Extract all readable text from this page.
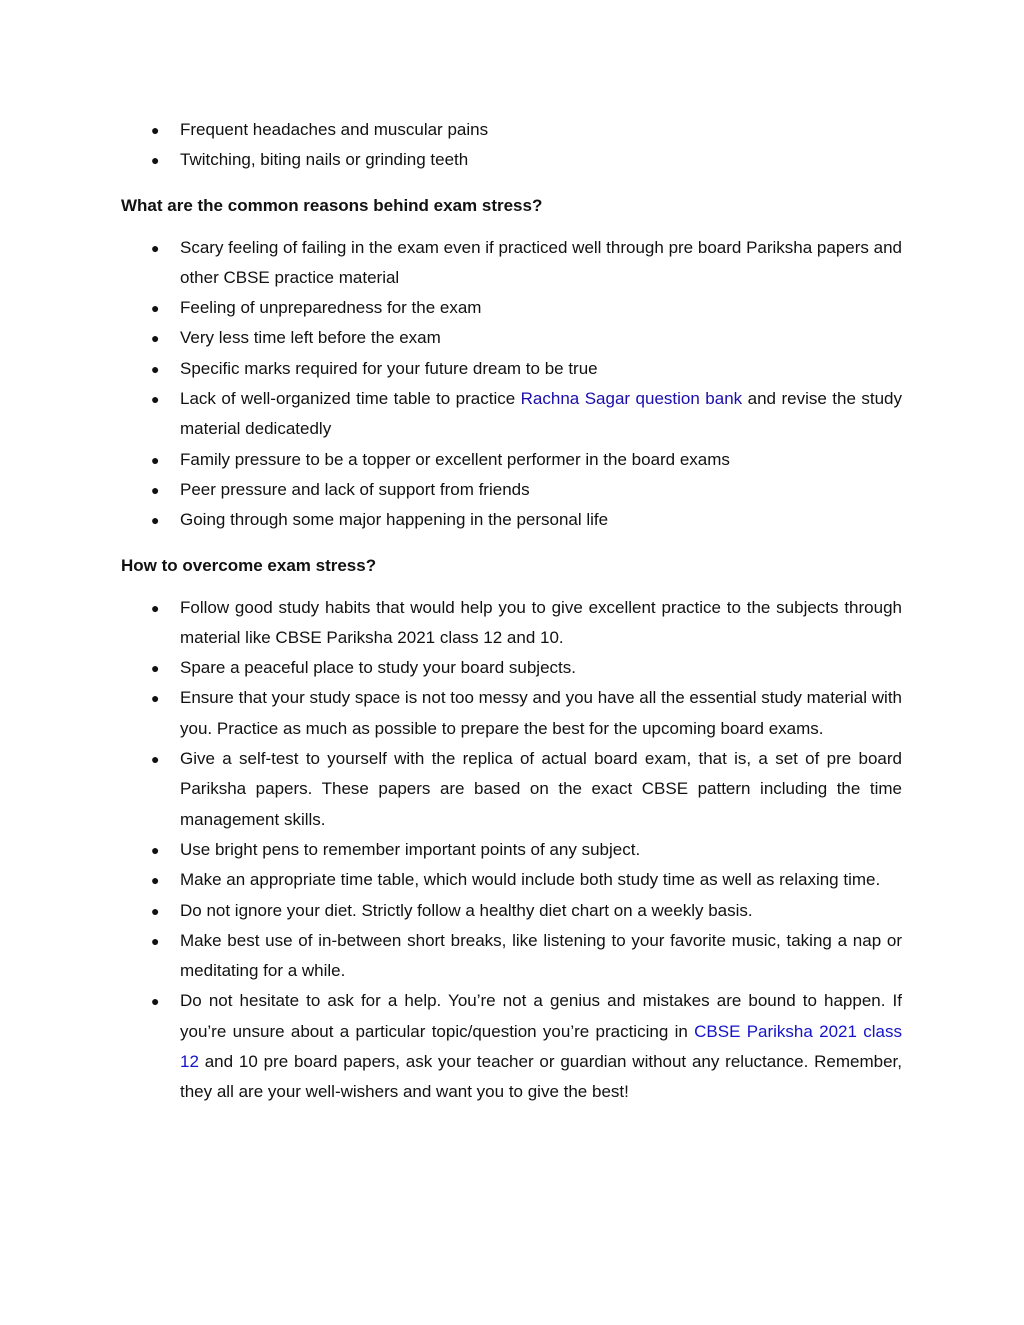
● Frequent headaches and muscular pains
● Twitching, biting nails or grinding teeth

What are the common reasons behind exam stress?

● Scary feeling of failing in the exam even if practiced well through pre board Pariksha papers and other CBSE practice material
● Feeling of unpreparedness for the exam
● Very less time left before the exam
● Specific marks required for your future dream to be true
● Lack of well-organized time table to practice Rachna Sagar question bank and revise the study material dedicatedly
● Family pressure to be a topper or excellent performer in the board exams
● Peer pressure and lack of support from friends
● Going through some major happening in the personal life

How to overcome exam stress?

● Follow good study habits that would help you to give excellent practice to the subjects through material like CBSE Pariksha 2021 class 12 and 10.
● Spare a peaceful place to study your board subjects.
● Ensure that your study space is not too messy and you have all the essential study material with you. Practice as much as possible to prepare the best for the upcoming board exams.
● Give a self-test to yourself with the replica of actual board exam, that is, a set of pre board Pariksha papers. These papers are based on the exact CBSE pattern including the time management skills.
● Use bright pens to remember important points of any subject.
● Make an appropriate time table, which would include both study time as well as relaxing time.
● Do not ignore your diet. Strictly follow a healthy diet chart on a weekly basis.
● Make best use of in-between short breaks, like listening to your favorite music, taking a nap or meditating for a while.
● Do not hesitate to ask for a help. You’re not a genius and mistakes are bound to happen. If you’re unsure about a particular topic/question you’re practicing in CBSE Pariksha 2021 class 12 and 10 pre board papers, ask your teacher or guardian without any reluctance. Remember, they all are your well-wishers and want you to give the best!
